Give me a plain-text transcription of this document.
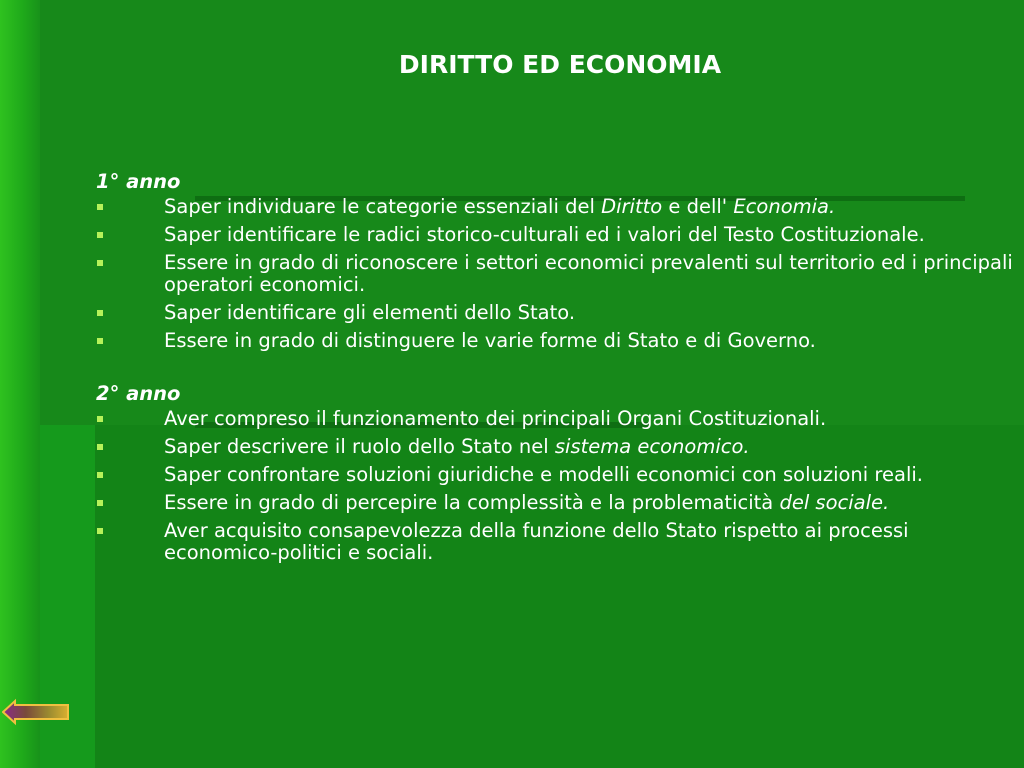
DIRITTO ED ECONOMIA
1° anno
Saper individuare le categorie essenziali del Diritto e dell' Economia.
Saper identificare le radici storico-culturali ed i valori del Testo Costituzionale.
Essere in grado di riconoscere i settori economici prevalenti sul territorio ed i principali operatori economici.
Saper identificare gli elementi dello Stato.
Essere in grado di distinguere le varie forme di Stato e di Governo.
2° anno
Aver compreso il funzionamento dei principali Organi Costituzionali.
Saper descrivere il ruolo dello Stato nel sistema economico.
Saper confrontare soluzioni giuridiche e modelli economici con soluzioni reali.
Essere in grado di percepire la complessità e la problematicità del sociale.
Aver acquisito consapevolezza della funzione dello Stato rispetto ai processi economico-politici e sociali.
